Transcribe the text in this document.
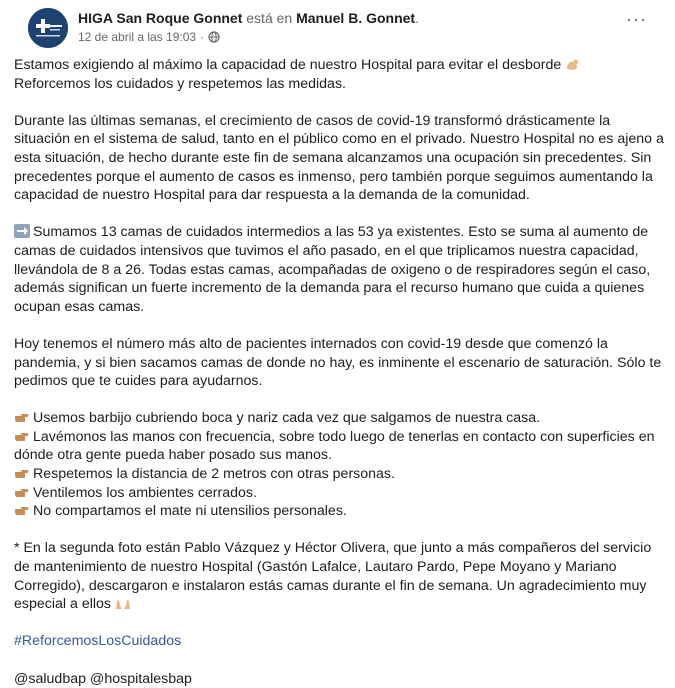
HIGA San Roque Gonnet está en Manuel B. Gonnet.
12 de abril a las 19:03 ·
···

Estamos exigiendo al máximo la capacidad de nuestro Hospital para evitar el desborde

Reforcemos los cuidados y respetemos las medidas.

Durante las últimas semanas, el crecimiento de casos de covid-19 transformó drásticamente la situación en el sistema de salud, tanto en el público como en el privado. Nuestro Hospital no es ajeno a esta situación, de hecho durante este fin de semana alcanzamos una ocupación sin precedentes. Sin precedentes porque el aumento de casos es inmenso, pero también porque seguimos aumentando la capacidad de nuestro Hospital para dar respuesta a la demanda de la comunidad.

Sumamos 13 camas de cuidados intermedios a las 53 ya existentes. Esto se suma al aumento de camas de cuidados intensivos que tuvimos el año pasado, en el que triplicamos nuestra capacidad, llevándola de 8 a 26. Todas estas camas, acompañadas de oxigeno o de respiradores según el caso, además significan un fuerte incremento de la demanda para el recurso humano que cuida a quienes ocupan esas camas.

Hoy tenemos el número más alto de pacientes internados con covid-19 desde que comenzó la pandemia, y si bien sacamos camas de donde no hay, es inminente el escenario de saturación. Sólo te pedimos que te cuides para ayudarnos.

Usemos barbijo cubriendo boca y nariz cada vez que salgamos de nuestra casa.
Lavémonos las manos con frecuencia, sobre todo luego de tenerlas en contacto con superficies en dónde otra gente pueda haber posado sus manos.
Respetemos la distancia de 2 metros con otras personas.
Ventilemos los ambientes cerrados.
No compartamos el mate ni utensilios personales.

* En la segunda foto están Pablo Vázquez y Héctor Olivera, que junto a más compañeros del servicio de mantenimiento de nuestro Hospital (Gastón Lafalce, Lautaro Pardo, Pepe Moyano y Mariano Corregido), descargaron e instalaron estás camas durante el fin de semana. Un agradecimiento muy especial a ellos

#ReforcemosLosCuidados

@saludbap @hospitalesbap
